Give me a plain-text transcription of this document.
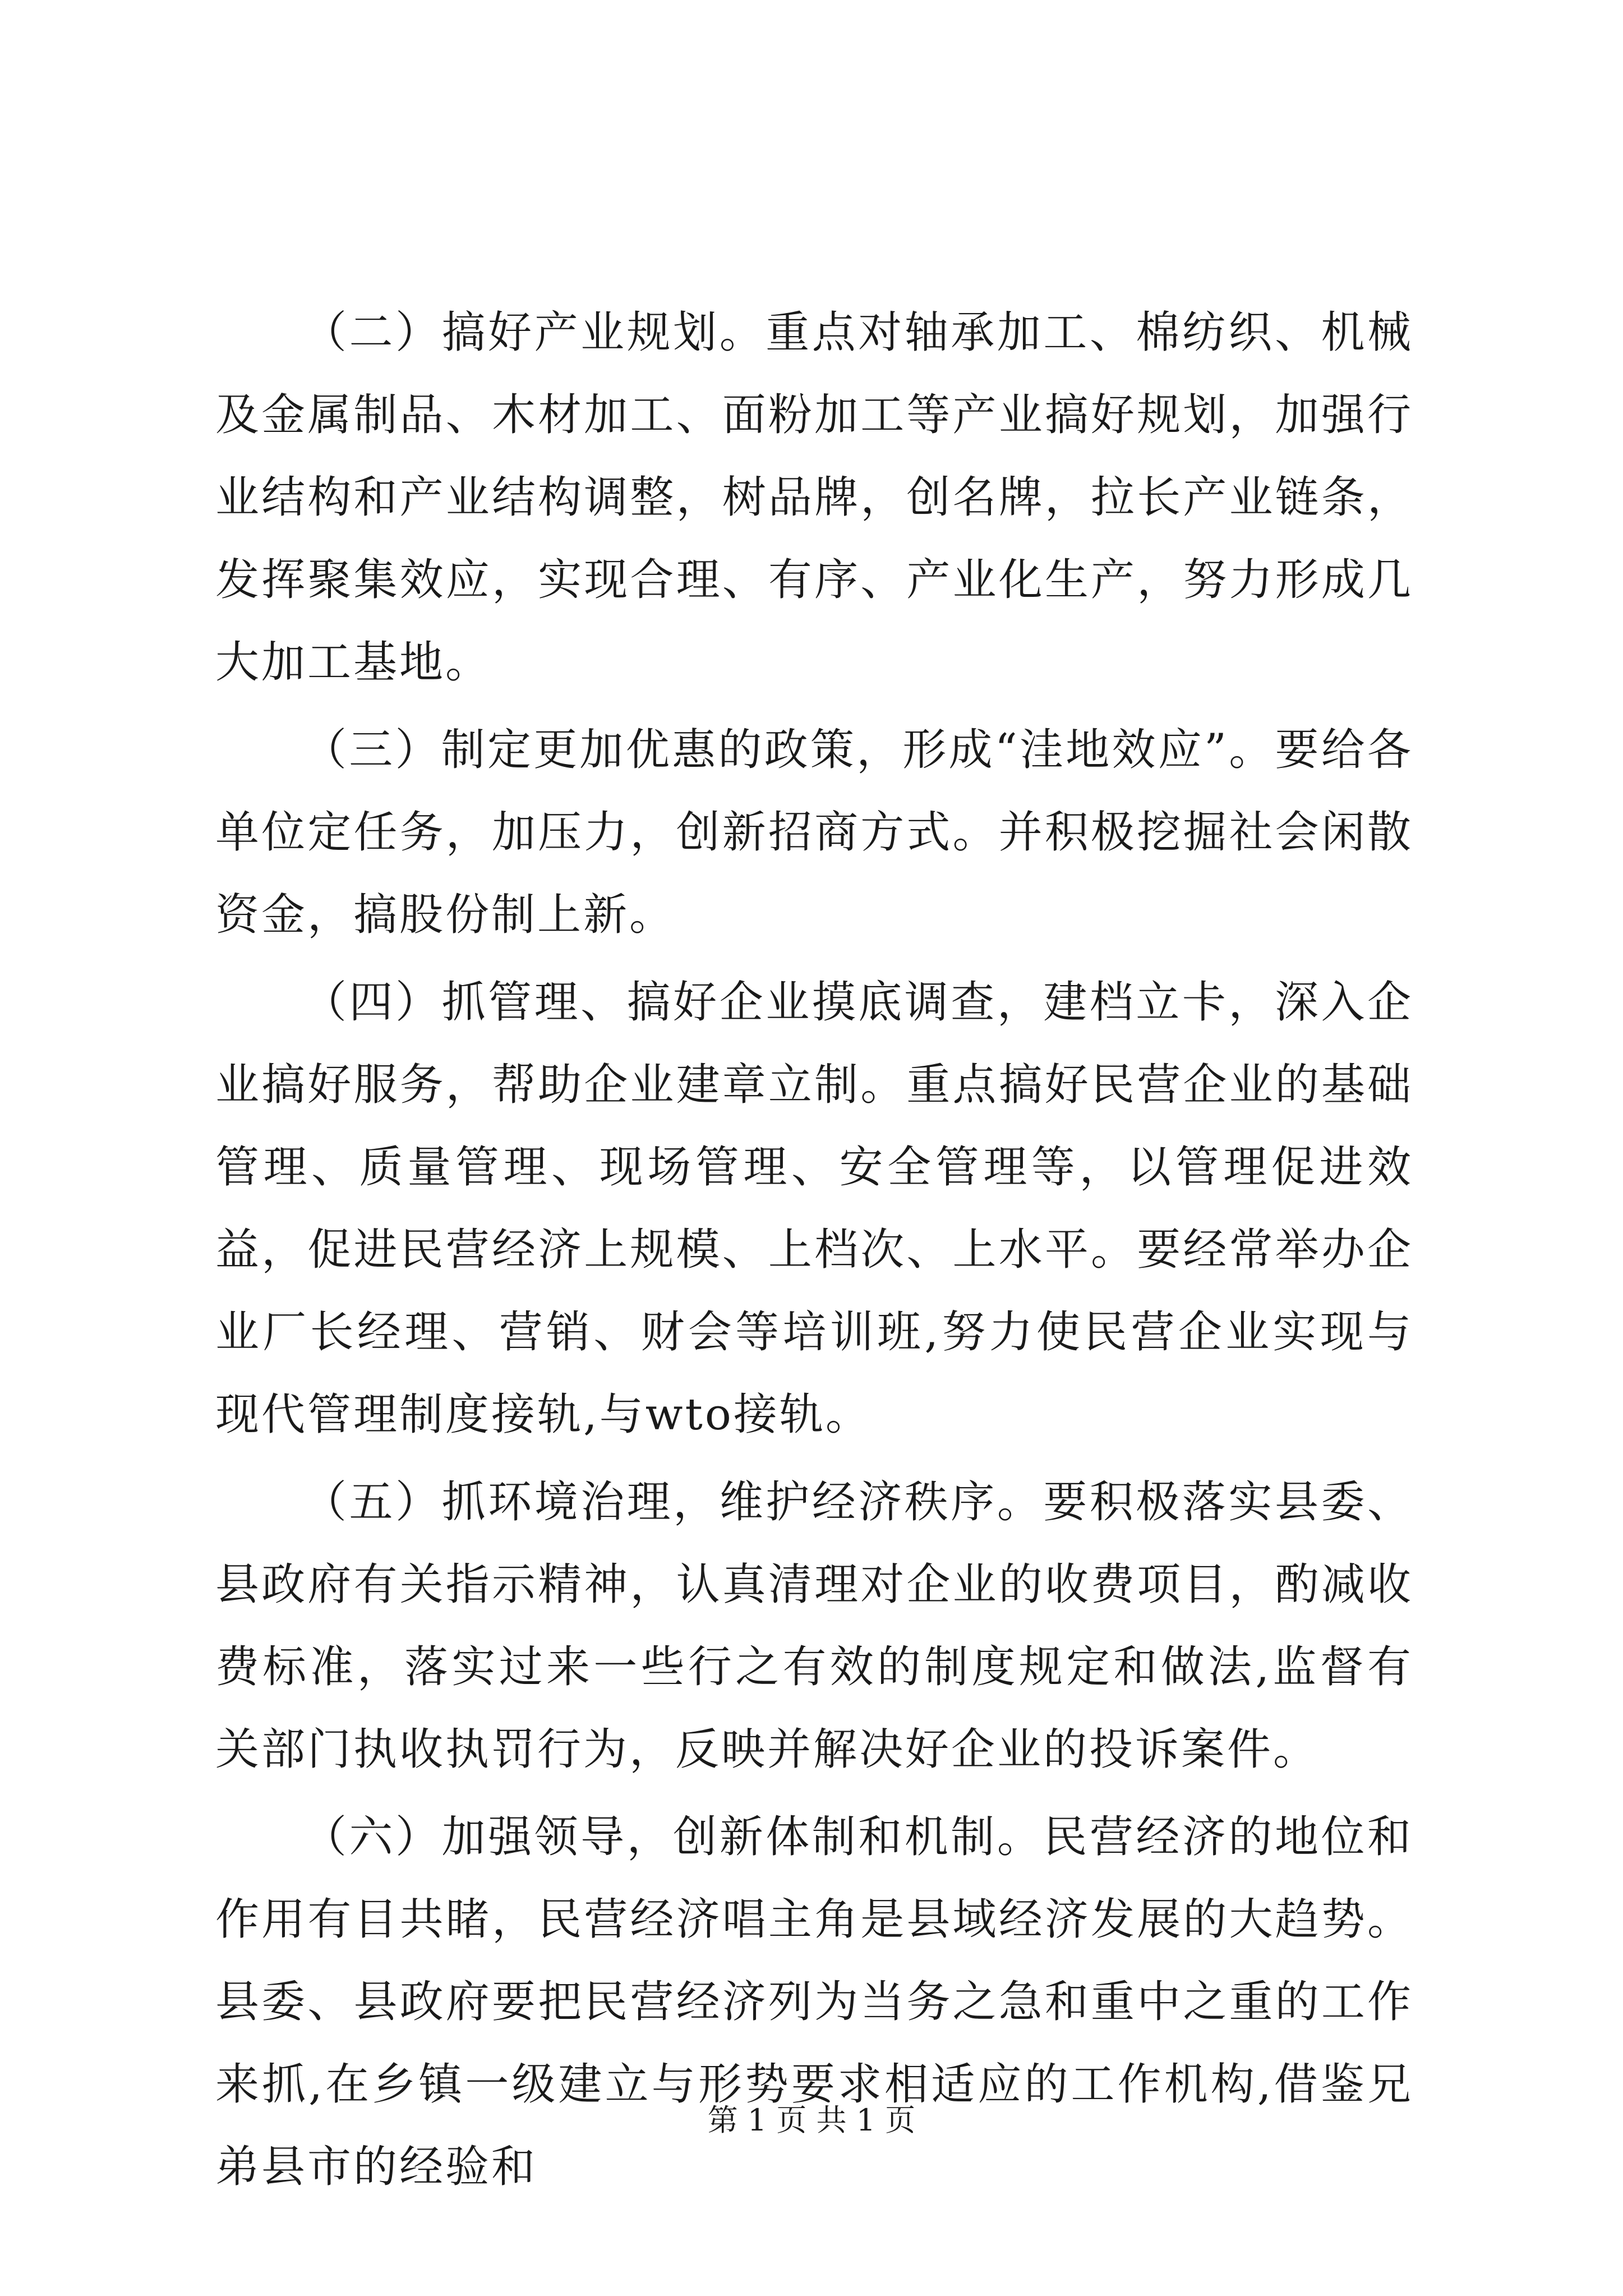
（二）搞好产业规划。重点对轴承加工、棉纺织、机械及金属制品、木材加工、面粉加工等产业搞好规划，加强行业结构和产业结构调整，树品牌，创名牌，拉长产业链条，发挥聚集效应，实现合理、有序、产业化生产，努力形成几大加工基地。

（三）制定更加优惠的政策，形成“洼地效应”。要给各单位定任务，加压力，创新招商方式。并积极挖掘社会闲散资金，搞股份制上新。

（四）抓管理、搞好企业摸底调查，建档立卡，深入企业搞好服务，帮助企业建章立制。重点搞好民营企业的基础管理、质量管理、现场管理、安全管理等，以管理促进效益，促进民营经济上规模、上档次、上水平。要经常举办企业厂长经理、营销、财会等培训班,努力使民营企业实现与现代管理制度接轨,与wto接轨。

（五）抓环境治理，维护经济秩序。要积极落实县委、县政府有关指示精神，认真清理对企业的收费项目，酌减收费标准，落实过来一些行之有效的制度规定和做法,监督有关部门执收执罚行为，反映并解决好企业的投诉案件。

（六）加强领导，创新体制和机制。民营经济的地位和作用有目共睹，民营经济唱主角是县域经济发展的大趋势。县委、县政府要把民营经济列为当务之急和重中之重的工作来抓,在乡镇一级建立与形势要求相适应的工作机构,借鉴兄弟县市的经验和

第 1 页 共 1 页
